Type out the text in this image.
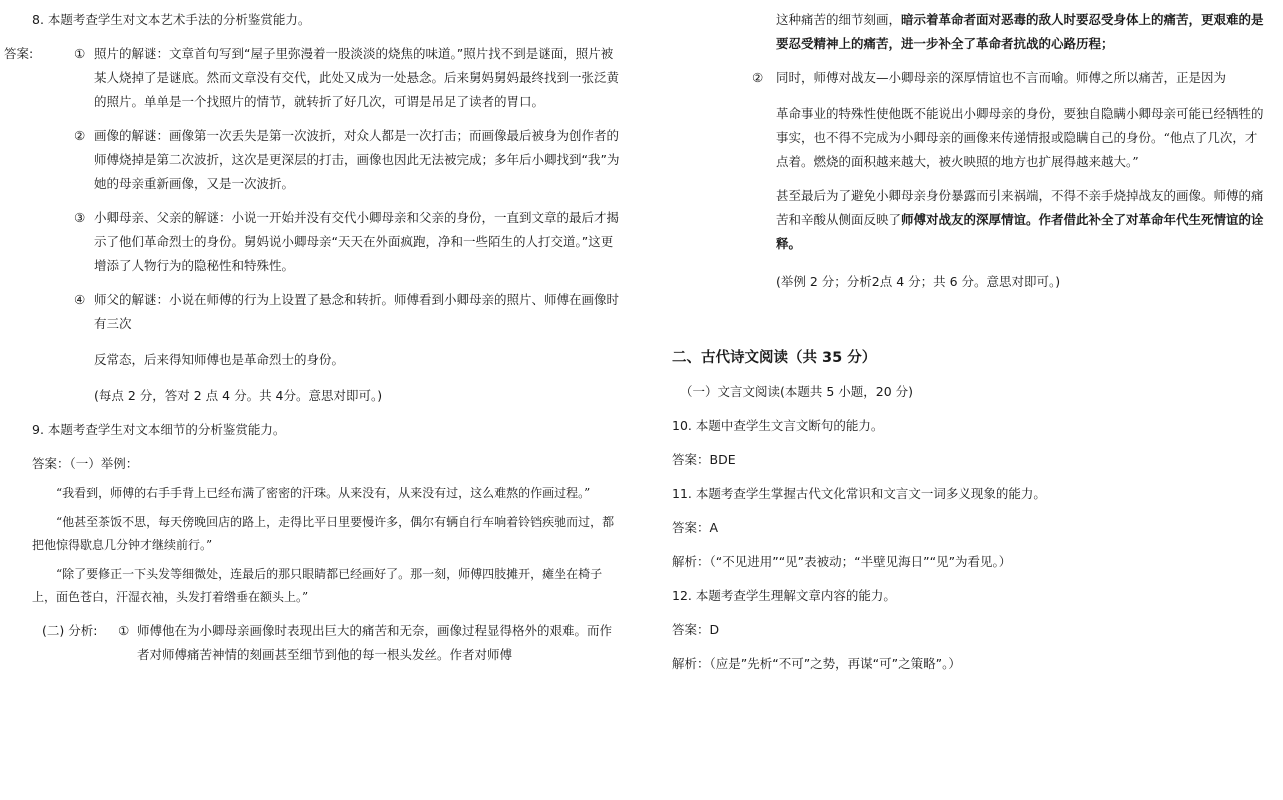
8. 本题考查学生对文本艺术手法的分析鉴赏能力。

答案:	① 照片的解谜：文章首句写到“屋子里弥漫着一股淡淡的烧焦的味道。”照片找不到是谜面，照片被某人烧掉了是谜底。然而文章没有交代，此处又成为一处悬念。后来舅妈舅妈最终找到一张泛黄的照片。单单是一个找照片的情节，就转折了好几次，可谓是吊足了读者的胃口。
② 画像的解谜：画像第一次丢失是第一次波折，对众人都是一次打击；而画像最后被身为创作者的师傅烧掉是第二次波折，这次是更深层的打击，画像也因此无法被完成；多年后小卿找到“我”为她的母亲重新画像，又是一次波折。
③ 小卿母亲、父亲的解谜：小说一开始并没有交代小卿母亲和父亲的身份，一直到文章的最后才揭示了他们革命烈士的身份。舅妈说小卿母亲“天天在外面疯跑，净和一些陌生的人打交道。”这更增添了人物行为的隐秘性和特殊性。
④ 师父的解谜：小说在师傅的行为上设置了悬念和转折。师傅看到小卿母亲的照片、师傅在画像时有三次

反常态，后来得知师傅也是革命烈士的身份。

(每点 2 分，答对 2 点 4 分。共 4分。意思对即可。)

9. 本题考查学生对文本细节的分析鉴赏能力。

答案：（一）举例：

“我看到，师傅的右手手背上已经布满了密密的汗珠。从来没有，从来没有过，这么难熬的作画过程。”

“他甚至茶饭不思，每天傍晚回店的路上，走得比平日里要慢许多，偶尔有辆自行车响着铃铛疾驰而过，都把他惊得歇息几分钟才继续前行。”

“除了要修正一下头发等细微处，连最后的那只眼睛都已经画好了。那一刻，师傅四肢摊开，瘫坐在椅子上，面色苍白，汗湿衣袖，头发打着绺垂在额头上。”

(二) 分析: ① 师傅他在为小卿母亲画像时表现出巨大的痛苦和无奈，画像过程显得格外的艰难。而作者对师傅痛苦神情的刻画甚至细节到他的每一根头发丝。作者对师傅

这种痛苦的细节刻画，暗示着革命者面对恶毒的敌人时要忍受身体上的痛苦，更艰难的是要忍受精神上的痛苦，进一步补全了革命者抗战的心路历程；

② 同时，师傅对战友—小卿母亲的深厚情谊也不言而喻。师傅之所以痛苦，正是因为

革命事业的特殊性使他既不能说出小卿母亲的身份，要独自隐瞒小卿母亲可能已经牺牲的事实，也不得不完成为小卿母亲的画像来传递情报或隐瞒自己的身份。“他点了几次，才点着。燃烧的面积越来越大，被火映照的地方也扩展得越来越大。”

甚至最后为了避免小卿母亲身份暴露而引来祸端，不得不亲手烧掉战友的画像。师傅的痛苦和辛酸从侧面反映了师傅对战友的深厚情谊。作者借此补全了对革命年代生死情谊的诠释。

(举例 2 分；分析2点 4 分；共 6 分。意思对即可。)

二、古代诗文阅读（共 35 分）

（一）文言文阅读(本题共 5 小题，20 分)

10. 本题中查学生文言文断句的能力。

答案：BDE

11. 本题考查学生掌握古代文化常识和文言文一词多义现象的能力。

答案：A

解析：（“不见进用”“见”表被动；“半壁见海日”“见”为看见。）

12. 本题考查学生理解文章内容的能力。

答案：D

解析：（应是”先析“不可”之势，再谋“可”之策略”。）
